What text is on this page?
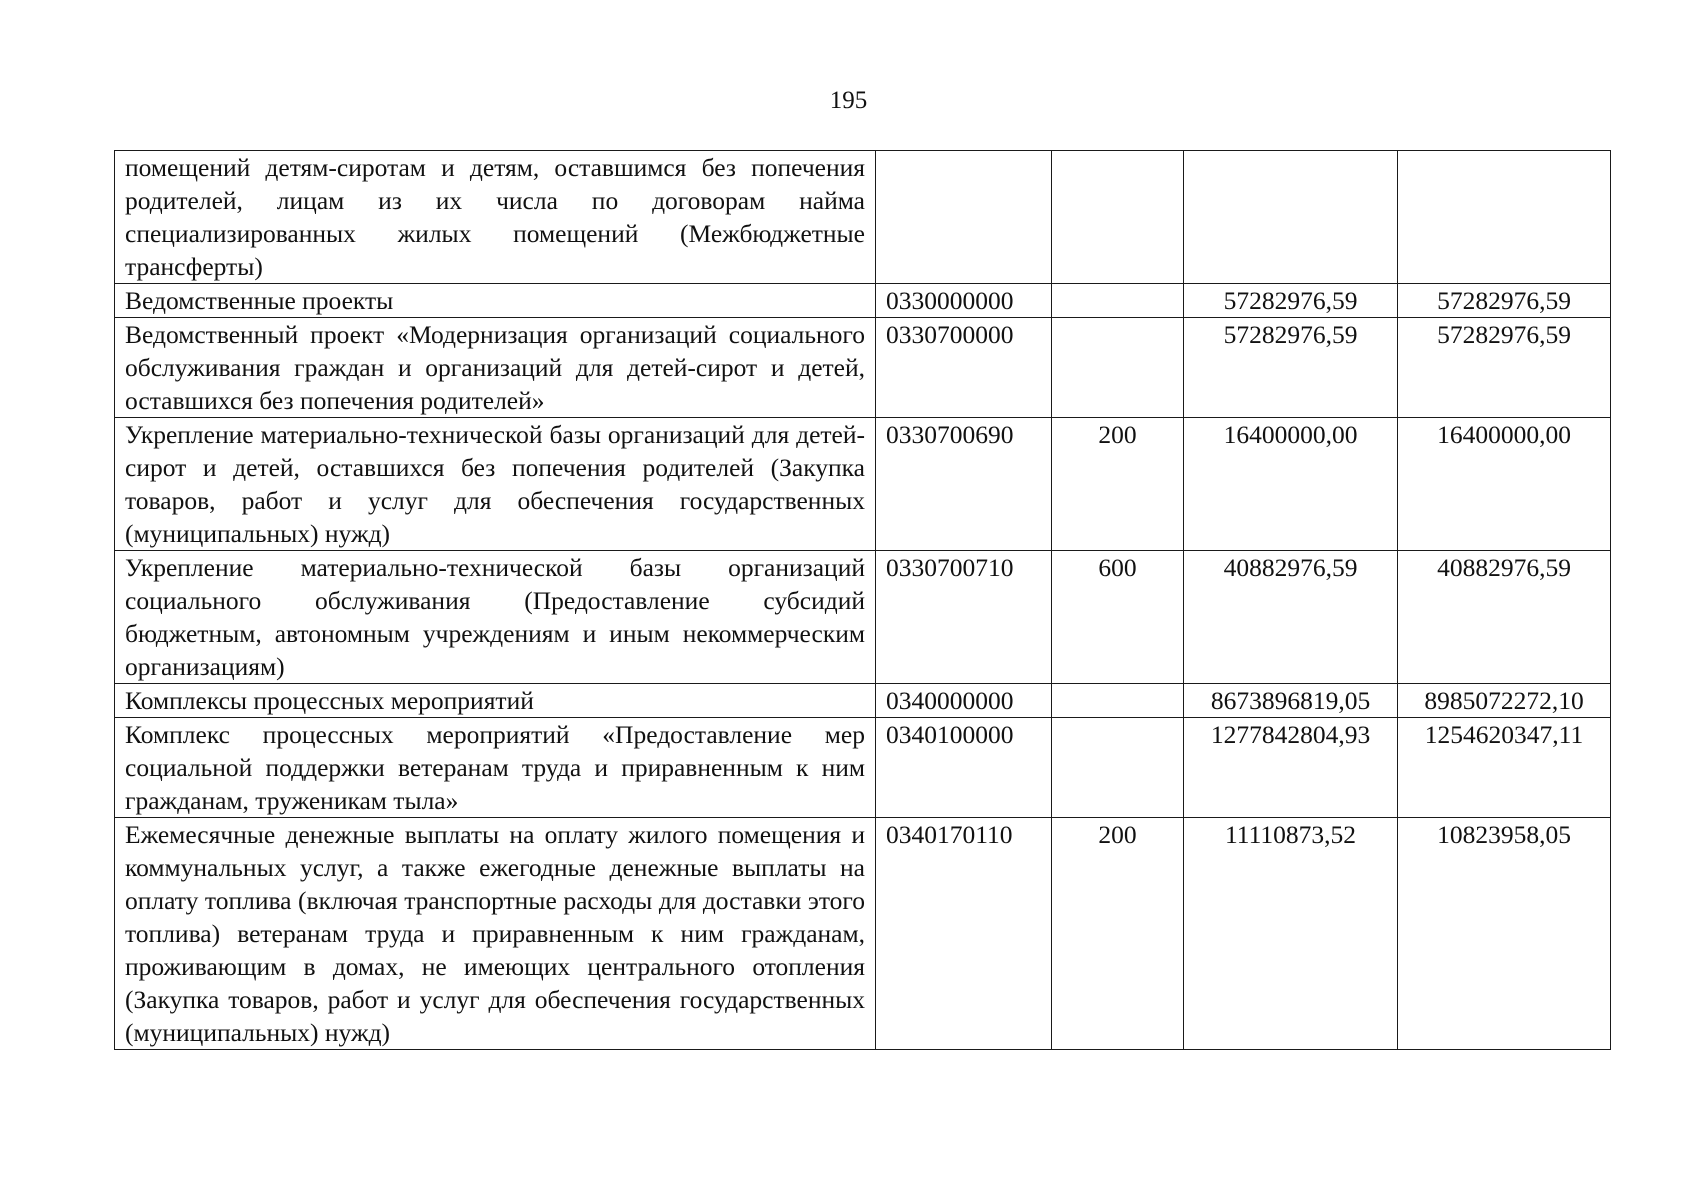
195
помещений детям-сиротам и детям, оставшимся без попечения родителей, лицам из их числа по договорам найма специализированных жилых помещений (Межбюджетные трансферты)				
Ведомственные проекты	0330000000		57282976,59	57282976,59
Ведомственный проект «Модернизация организаций социального обслуживания граждан и организаций для детей-сирот и детей, оставшихся без попечения родителей»	0330700000		57282976,59	57282976,59
Укрепление материально-технической базы организаций для детей-сирот и детей, оставшихся без попечения родителей (Закупка товаров, работ и услуг для обеспечения государственных (муниципальных) нужд)	0330700690	200	16400000,00	16400000,00
Укрепление материально-технической базы организаций социального обслуживания (Предоставление субсидий бюджетным, автономным учреждениям и иным некоммерческим организациям)	0330700710	600	40882976,59	40882976,59
Комплексы процессных мероприятий	0340000000		8673896819,05	8985072272,10
Комплекс процессных мероприятий «Предоставление мер социальной поддержки ветеранам труда и приравненным к ним гражданам, труженикам тыла»	0340100000		1277842804,93	1254620347,11
Ежемесячные денежные выплаты на оплату жилого помещения и коммунальных услуг, а также ежегодные денежные выплаты на оплату топлива (включая транспортные расходы для доставки этого топлива) ветеранам труда и приравненным к ним гражданам, проживающим в домах, не имеющих центрального отопления (Закупка товаров, работ и услуг для обеспечения государственных (муниципальных) нужд)	0340170110	200	11110873,52	10823958,05
